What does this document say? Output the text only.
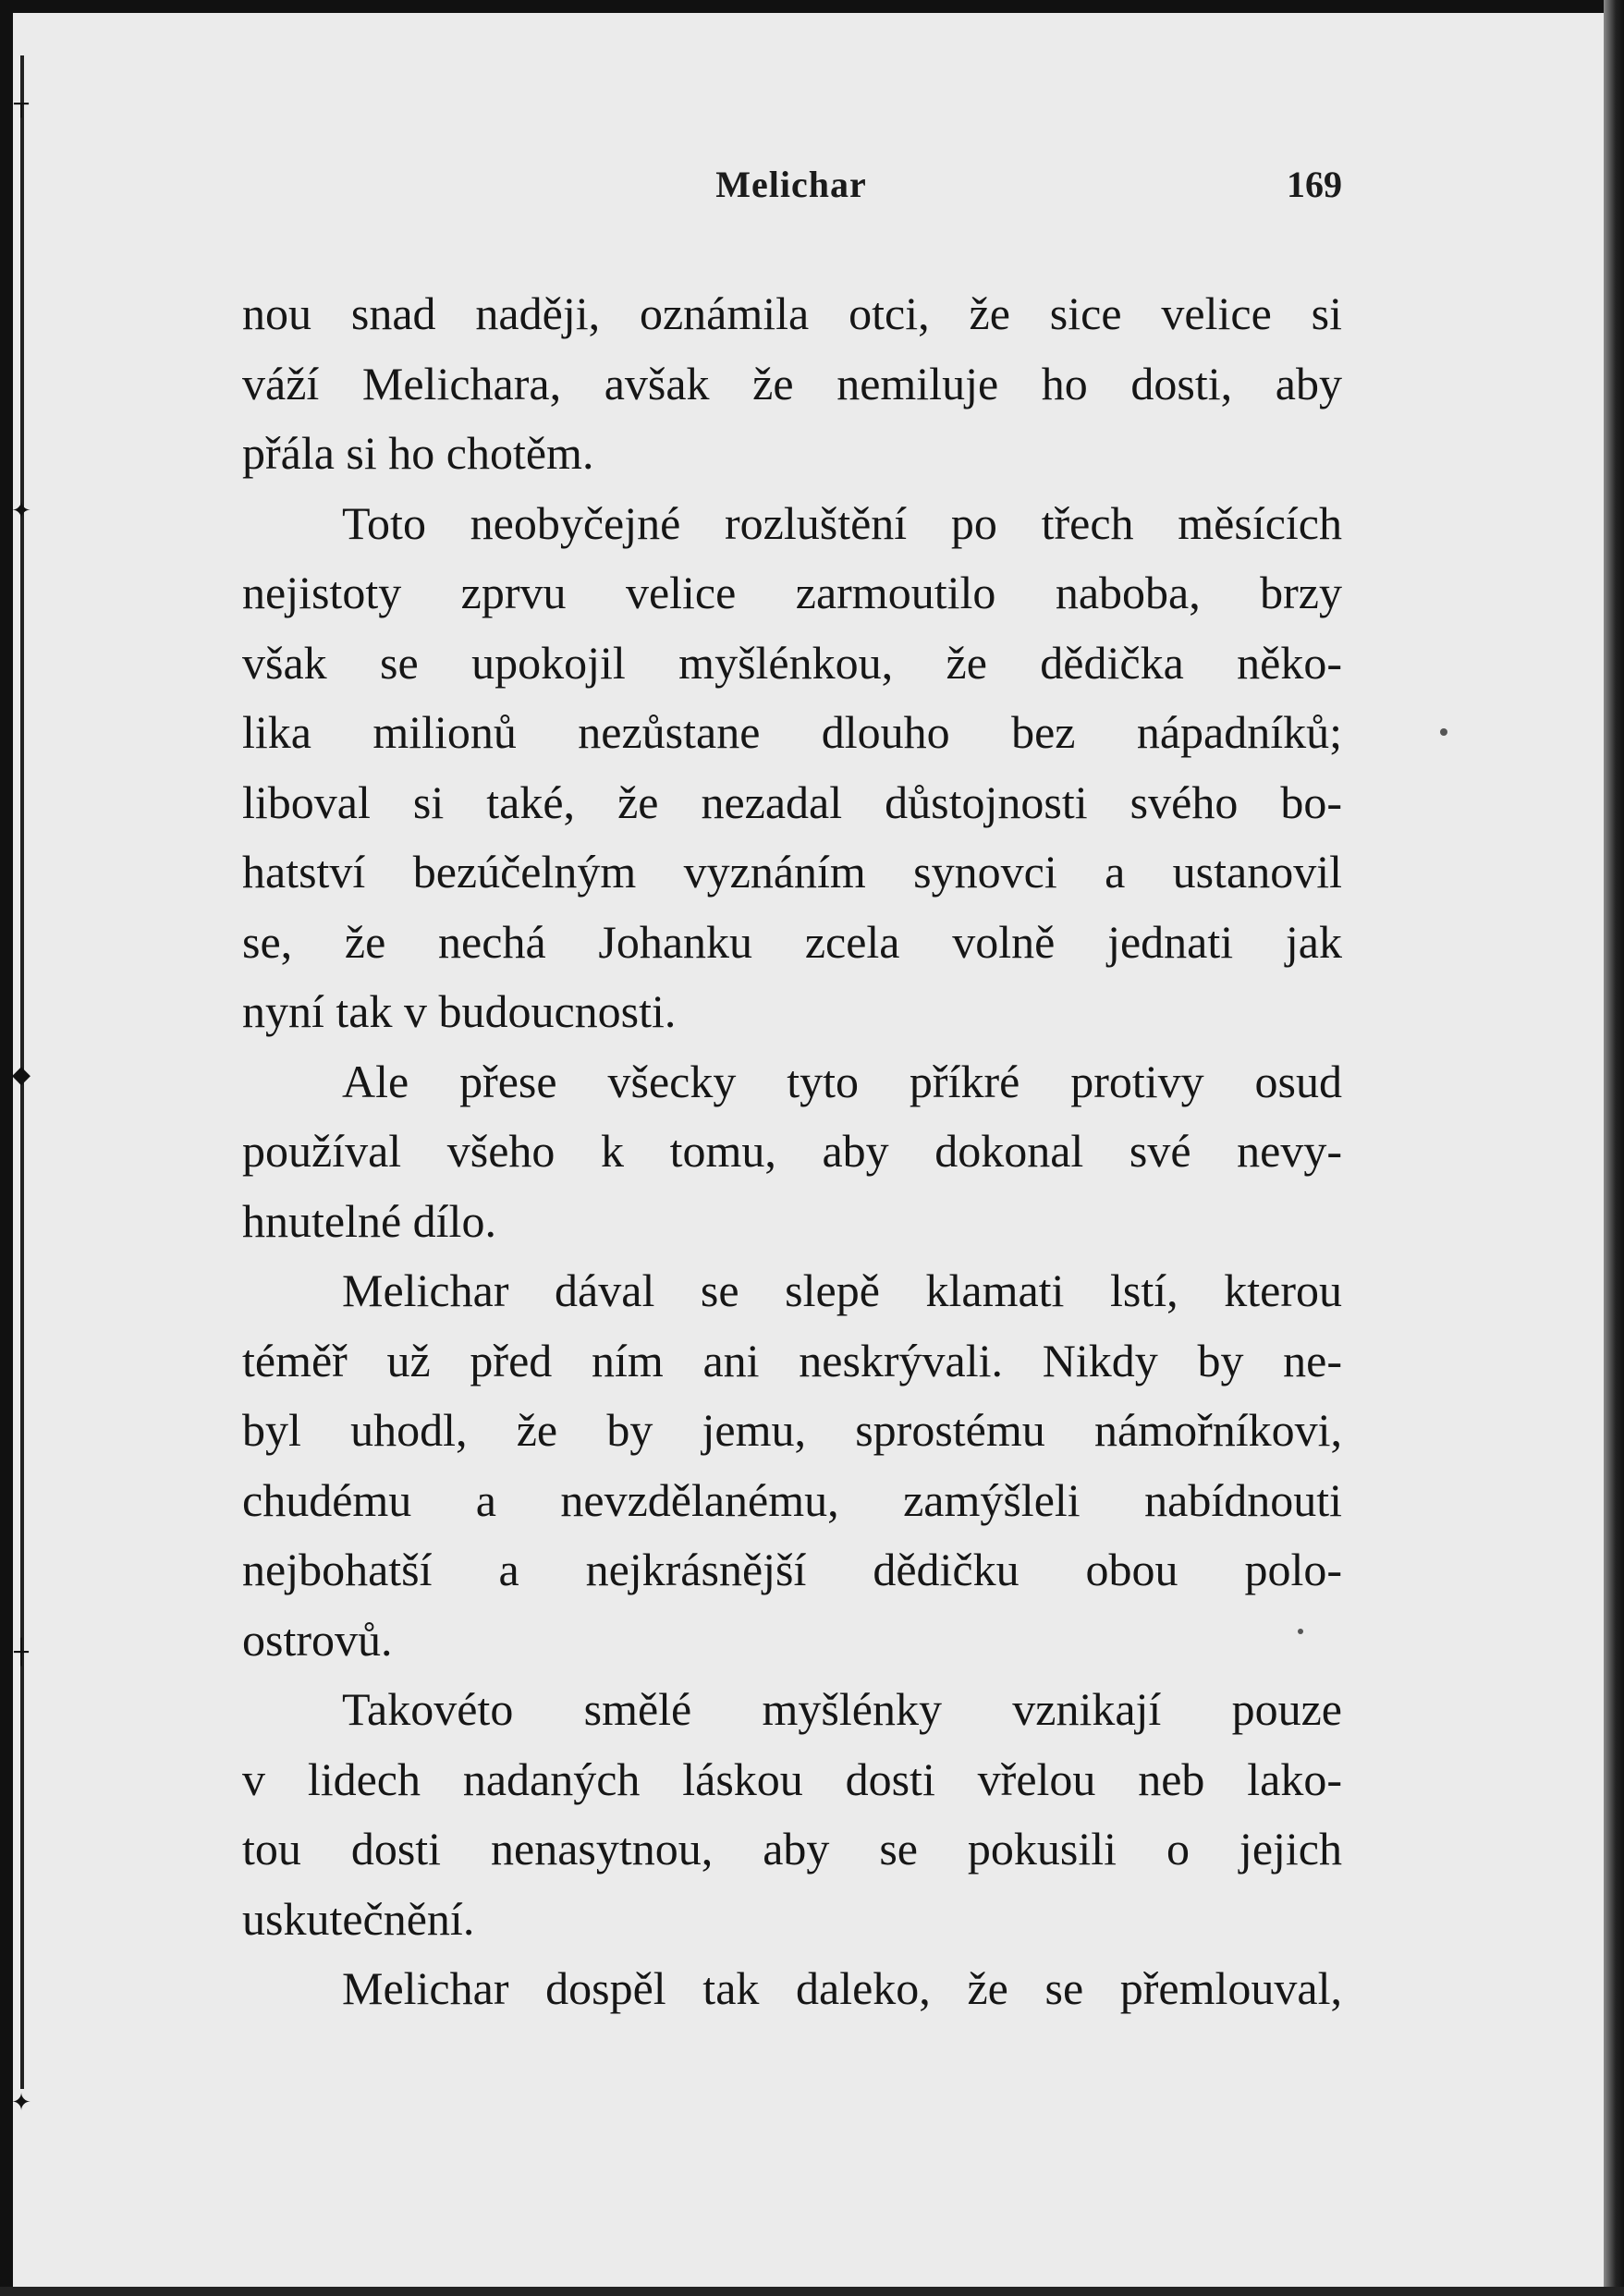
┬
✦
◆
┼
✦
Melichar	169
nou snad naději, oznámila otci, že sice velice si
váží Melichara, avšak že nemiluje ho dosti, aby
přála si ho chotěm.
Toto neobyčejné rozluštění po třech měsících
nejistoty zprvu velice zarmoutilo naboba, brzy
však se upokojil myšlénkou, že dědička něko-
lika milionů nezůstane dlouho bez nápadníků;
liboval si také, že nezadal důstojnosti svého bo-
hatství bezúčelným vyznáním synovci a ustanovil
se, že nechá Johanku zcela volně jednati jak
nyní tak v budoucnosti.
Ale přese všecky tyto příkré protivy osud
používal všeho k tomu, aby dokonal své nevy-
hnutelné dílo.
Melichar dával se slepě klamati lstí, kterou
téměř už před ním ani neskrývali. Nikdy by ne-
byl uhodl, že by jemu, sprostému námořníkovi,
chudému a nevzdělanému, zamýšleli nabídnouti
nejbohatší a nejkrásnější dědičku obou polo-
ostrovů.
Takovéto smělé myšlénky vznikají pouze
v lidech nadaných láskou dosti vřelou neb lako-
tou dosti nenasytnou, aby se pokusili o jejich
uskutečnění.
Melichar dospěl tak daleko, že se přemlouval,
